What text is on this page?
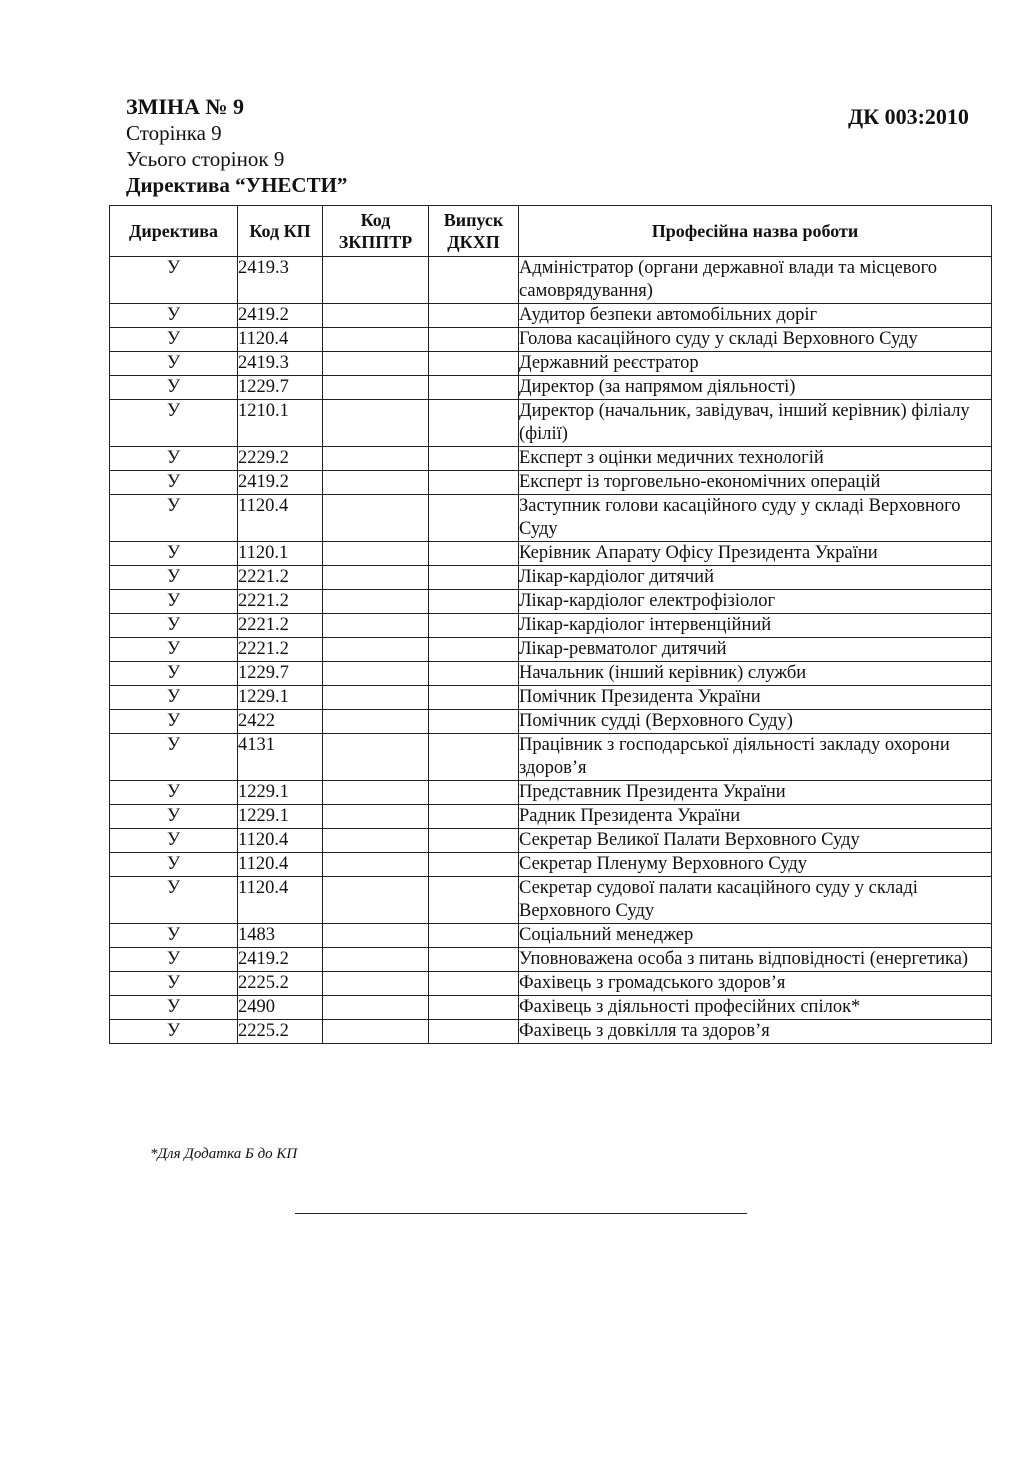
ЗМІНА № 9
Сторінка 9
Усього сторінок 9
Директива “УНЕСТИ”
ДК 003:2010
Директива	Код КП	Код ЗКППТР	Випуск ДКХП	Професійна назва роботи
У	2419.3			Адміністратор (органи державної влади та місцевого самоврядування)
У	2419.2			Аудитор безпеки автомобільних доріг
У	1120.4			Голова касаційного суду у складі Верховного Суду
У	2419.3			Державний реєстратор
У	1229.7			Директор (за напрямом діяльності)
У	1210.1			Директор (начальник, завідувач, інший керівник) філіалу (філії)
У	2229.2			Експерт з оцінки медичних технологій
У	2419.2			Експерт із торговельно-економічних операцій
У	1120.4			Заступник голови касаційного суду у складі Верховного Суду
У	1120.1			Керівник Апарату Офісу Президента України
У	2221.2			Лікар-кардіолог дитячий
У	2221.2			Лікар-кардіолог електрофізіолог
У	2221.2			Лікар-кардіолог інтервенційний
У	2221.2			Лікар-ревматолог дитячий
У	1229.7			Начальник (інший керівник) служби
У	1229.1			Помічник Президента України
У	2422			Помічник судді (Верховного Суду)
У	4131			Працівник з господарської діяльності закладу охорони здоров’я
У	1229.1			Представник Президента України
У	1229.1			Радник Президента України
У	1120.4			Секретар Великої Палати Верховного Суду
У	1120.4			Секретар Пленуму Верховного Суду
У	1120.4			Секретар судової палати касаційного суду у складі Верховного Суду
У	1483			Соціальний менеджер
У	2419.2			Уповноважена особа з питань відповідності (енергетика)
У	2225.2			Фахівець з громадського здоров’я
У	2490			Фахівець з діяльності професійних спілок*
У	2225.2			Фахівець з довкілля та здоров’я
*Для Додатка Б до КП
